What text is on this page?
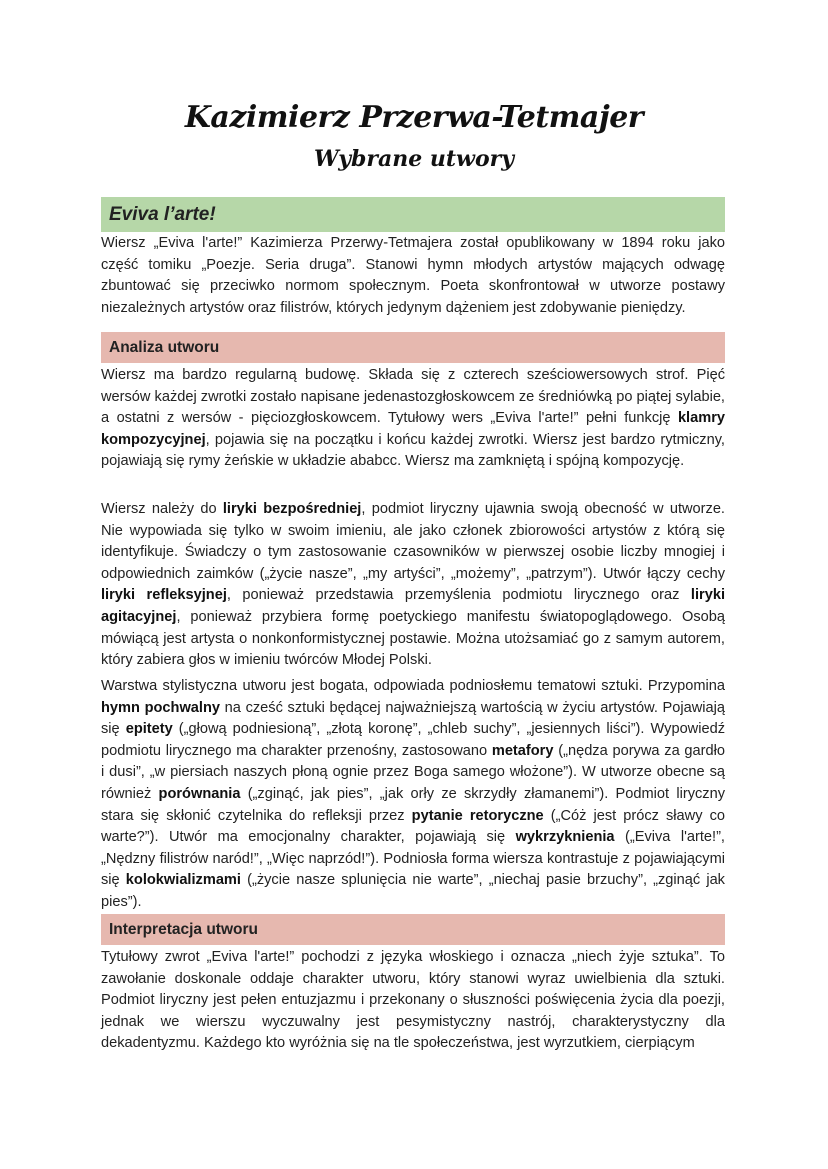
Kazimierz Przerwa-Tetmajer
Wybrane utwory
Eviva l’arte!

Wiersz „Eviva l'arte!” Kazimierza Przerwy-Tetmajera został opublikowany w 1894 roku jako część tomiku „Poezje. Seria druga”. Stanowi hymn młodych artystów mających odwagę zbuntować się przeciwko normom społecznym. Poeta skonfrontował w utworze postawy niezależnych artystów oraz filistrów, których jedynym dążeniem jest zdobywanie pieniędzy.

Analiza utworu

Wiersz ma bardzo regularną budowę. Składa się z czterech sześciowersowych strof. Pięć wersów każdej zwrotki zostało napisane jedenastozgłoskowcem ze średniówką po piątej sylabie, a ostatni z wersów - pięciozgłoskowcem. Tytułowy wers „Eviva l'arte!” pełni funkcję klamry kompozycyjnej, pojawia się na początku i końcu każdej zwrotki. Wiersz jest bardzo rytmiczny, pojawiają się rymy żeńskie w układzie ababcc. Wiersz ma zamkniętą i spójną kompozycję.

Wiersz należy do liryki bezpośredniej, podmiot liryczny ujawnia swoją obecność w utworze. Nie wypowiada się tylko w swoim imieniu, ale jako członek zbiorowości artystów z którą się identyfikuje. Świadczy o tym zastosowanie czasowników w pierwszej osobie liczby mnogiej i odpowiednich zaimków („życie nasze”, „my artyści”, „możemy”, „patrzym”). Utwór łączy cechy liryki refleksyjnej, ponieważ przedstawia przemyślenia podmiotu lirycznego oraz liryki agitacyjnej, ponieważ przybiera formę poetyckiego manifestu światopoglądowego. Osobą mówiącą jest artysta o nonkonformistycznej postawie. Można utożsamiać go z samym autorem, który zabiera głos w imieniu twórców Młodej Polski.

Warstwa stylistyczna utworu jest bogata, odpowiada podniosłemu tematowi sztuki. Przypomina hymn pochwalny na cześć sztuki będącej najważniejszą wartością w życiu artystów. Pojawiają się epitety („głową podniesioną”, „złotą koronę”, „chleb suchy”, „jesiennych liści”). Wypowiedź podmiotu lirycznego ma charakter przenośny, zastosowano metafory („nędza porywa za gardło i dusi”, „w piersiach naszych płoną ognie przez Boga samego włożone”). W utworze obecne są również porównania („zginąć, jak pies”, „jak orły ze skrzydły złamanemi”). Podmiot liryczny stara się skłonić czytelnika do refleksji przez pytanie retoryczne („Cóż jest prócz sławy co warte?”). Utwór ma emocjonalny charakter, pojawiają się wykrzyknienia („Eviva l'arte!”, „Nędzny filistrów naród!”, „Więc naprzód!”). Podniosła forma wiersza kontrastuje z pojawiającymi się kolokwializmami („życie nasze splunięcia nie warte”, „niechaj pasie brzuchy”, „zginąć jak pies”).

Interpretacja utworu

Tytułowy zwrot „Eviva l'arte!” pochodzi z języka włoskiego i oznacza „niech żyje sztuka”. To zawołanie doskonale oddaje charakter utworu, który stanowi wyraz uwielbienia dla sztuki. Podmiot liryczny jest pełen entuzjazmu i przekonany o słuszności poświęcenia życia dla poezji, jednak we wierszu wyczuwalny jest pesymistyczny nastrój, charakterystyczny dla dekadentyzmu. Każdego kto wyróżnia się na tle społeczeństwa, jest wyrzutkiem, cierpiącym
